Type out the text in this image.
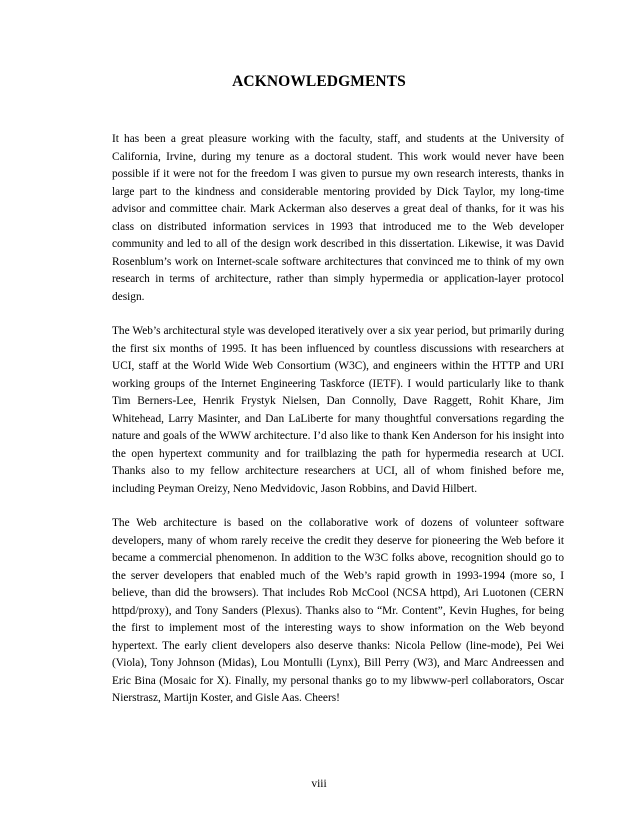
ACKNOWLEDGMENTS

It has been a great pleasure working with the faculty, staff, and students at the University of California, Irvine, during my tenure as a doctoral student. This work would never have been possible if it were not for the freedom I was given to pursue my own research interests, thanks in large part to the kindness and considerable mentoring provided by Dick Taylor, my long-time advisor and committee chair. Mark Ackerman also deserves a great deal of thanks, for it was his class on distributed information services in 1993 that introduced me to the Web developer community and led to all of the design work described in this dissertation. Likewise, it was David Rosenblum’s work on Internet-scale software architectures that convinced me to think of my own research in terms of architecture, rather than simply hypermedia or application-layer protocol design.

The Web’s architectural style was developed iteratively over a six year period, but primarily during the first six months of 1995. It has been influenced by countless discussions with researchers at UCI, staff at the World Wide Web Consortium (W3C), and engineers within the HTTP and URI working groups of the Internet Engineering Taskforce (IETF). I would particularly like to thank Tim Berners-Lee, Henrik Frystyk Nielsen, Dan Connolly, Dave Raggett, Rohit Khare, Jim Whitehead, Larry Masinter, and Dan LaLiberte for many thoughtful conversations regarding the nature and goals of the WWW architecture. I’d also like to thank Ken Anderson for his insight into the open hypertext community and for trailblazing the path for hypermedia research at UCI. Thanks also to my fellow architecture researchers at UCI, all of whom finished before me, including Peyman Oreizy, Neno Medvidovic, Jason Robbins, and David Hilbert.

The Web architecture is based on the collaborative work of dozens of volunteer software developers, many of whom rarely receive the credit they deserve for pioneering the Web before it became a commercial phenomenon. In addition to the W3C folks above, recognition should go to the server developers that enabled much of the Web’s rapid growth in 1993-1994 (more so, I believe, than did the browsers). That includes Rob McCool (NCSA httpd), Ari Luotonen (CERN httpd/proxy), and Tony Sanders (Plexus). Thanks also to “Mr. Content”, Kevin Hughes, for being the first to implement most of the interesting ways to show information on the Web beyond hypertext. The early client developers also deserve thanks: Nicola Pellow (line-mode), Pei Wei (Viola), Tony Johnson (Midas), Lou Montulli (Lynx), Bill Perry (W3), and Marc Andreessen and Eric Bina (Mosaic for X). Finally, my personal thanks go to my libwww-perl collaborators, Oscar Nierstrasz, Martijn Koster, and Gisle Aas. Cheers!

viii
